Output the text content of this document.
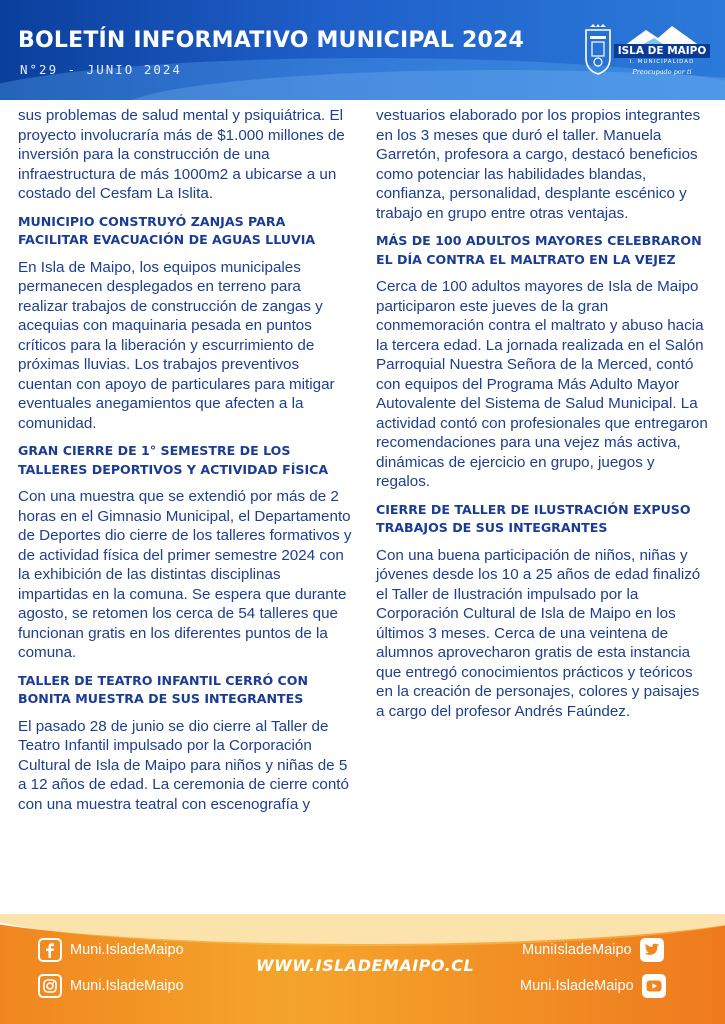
BOLETÍN INFORMATIVO MUNICIPAL 2024
N°29 - JUNIO 2024
ISLA DE MAIPO
I. MUNICIPALIDAD
Preocupado por ti

sus problemas de salud mental y psiquiátrica. El proyecto involucraría más de $1.000 millones de inversión para la construcción de una infraestructura de más 1000m2 a ubicarse a un costado del Cesfam La Islita.

MUNICIPIO CONSTRUYÓ ZANJAS PARA FACILITAR EVACUACIÓN DE AGUAS LLUVIA

En Isla de Maipo, los equipos municipales permanecen desplegados en terreno para realizar trabajos de construcción de zangas y acequias con maquinaria pesada en puntos críticos para la liberación y escurrimiento de próximas lluvias. Los trabajos preventivos cuentan con apoyo de particulares para mitigar eventuales anegamientos que afecten a la comunidad.

GRAN CIERRE DE 1° SEMESTRE DE LOS TALLERES DEPORTIVOS Y ACTIVIDAD FÍSICA

Con una muestra que se extendió por más de 2 horas en el Gimnasio Municipal, el Departamento de Deportes dio cierre de los talleres formativos y de actividad física del primer semestre 2024 con la exhibición de las distintas disciplinas impartidas en la comuna. Se espera que durante agosto, se retomen los cerca de 54 talleres que funcionan gratis en los diferentes puntos de la comuna.

TALLER DE TEATRO INFANTIL CERRÓ CON BONITA MUESTRA DE SUS INTEGRANTES

El pasado 28 de junio se dio cierre al Taller de Teatro Infantil impulsado por la Corporación Cultural de Isla de Maipo para niños y niñas de 5 a 12 años de edad. La ceremonia de cierre contó con una muestra teatral con escenografía y

vestuarios elaborado por los propios integrantes en los 3 meses que duró el taller. Manuela Garretón, profesora a cargo, destacó beneficios como potenciar las habilidades blandas, confianza, personalidad, desplante escénico y trabajo en grupo entre otras ventajas.

MÁS DE 100 ADULTOS MAYORES CELEBRARON EL DÍA CONTRA EL MALTRATO EN LA VEJEZ

Cerca de 100 adultos mayores de Isla de Maipo participaron este jueves de la gran conmemoración contra el maltrato y abuso hacia la tercera edad. La jornada realizada en el Salón Parroquial Nuestra Señora de la Merced, contó con equipos del Programa Más Adulto Mayor Autovalente del Sistema de Salud Municipal. La actividad contó con profesionales que entregaron recomendaciones para una vejez más activa, dinámicas de ejercicio en grupo, juegos y regalos.

CIERRE DE TALLER DE ILUSTRACIÓN EXPUSO TRABAJOS DE SUS INTEGRANTES

Con una buena participación de niños, niñas y jóvenes desde los 10 a 25 años de edad finalizó el Taller de Ilustración impulsado por la Corporación Cultural de Isla de Maipo en los últimos 3 meses. Cerca de una veintena de alumnos aprovecharon gratis de esta instancia que entregó conocimientos prácticos y teóricos en la creación de personajes, colores y paisajes a cargo del profesor Andrés Faúndez.

Muni.IsladeMaipo
Muni.IsladeMaipo
WWW.ISLADEMAIPO.CL
MuniIsladeMaipo
Muni.IsladeMaipo
